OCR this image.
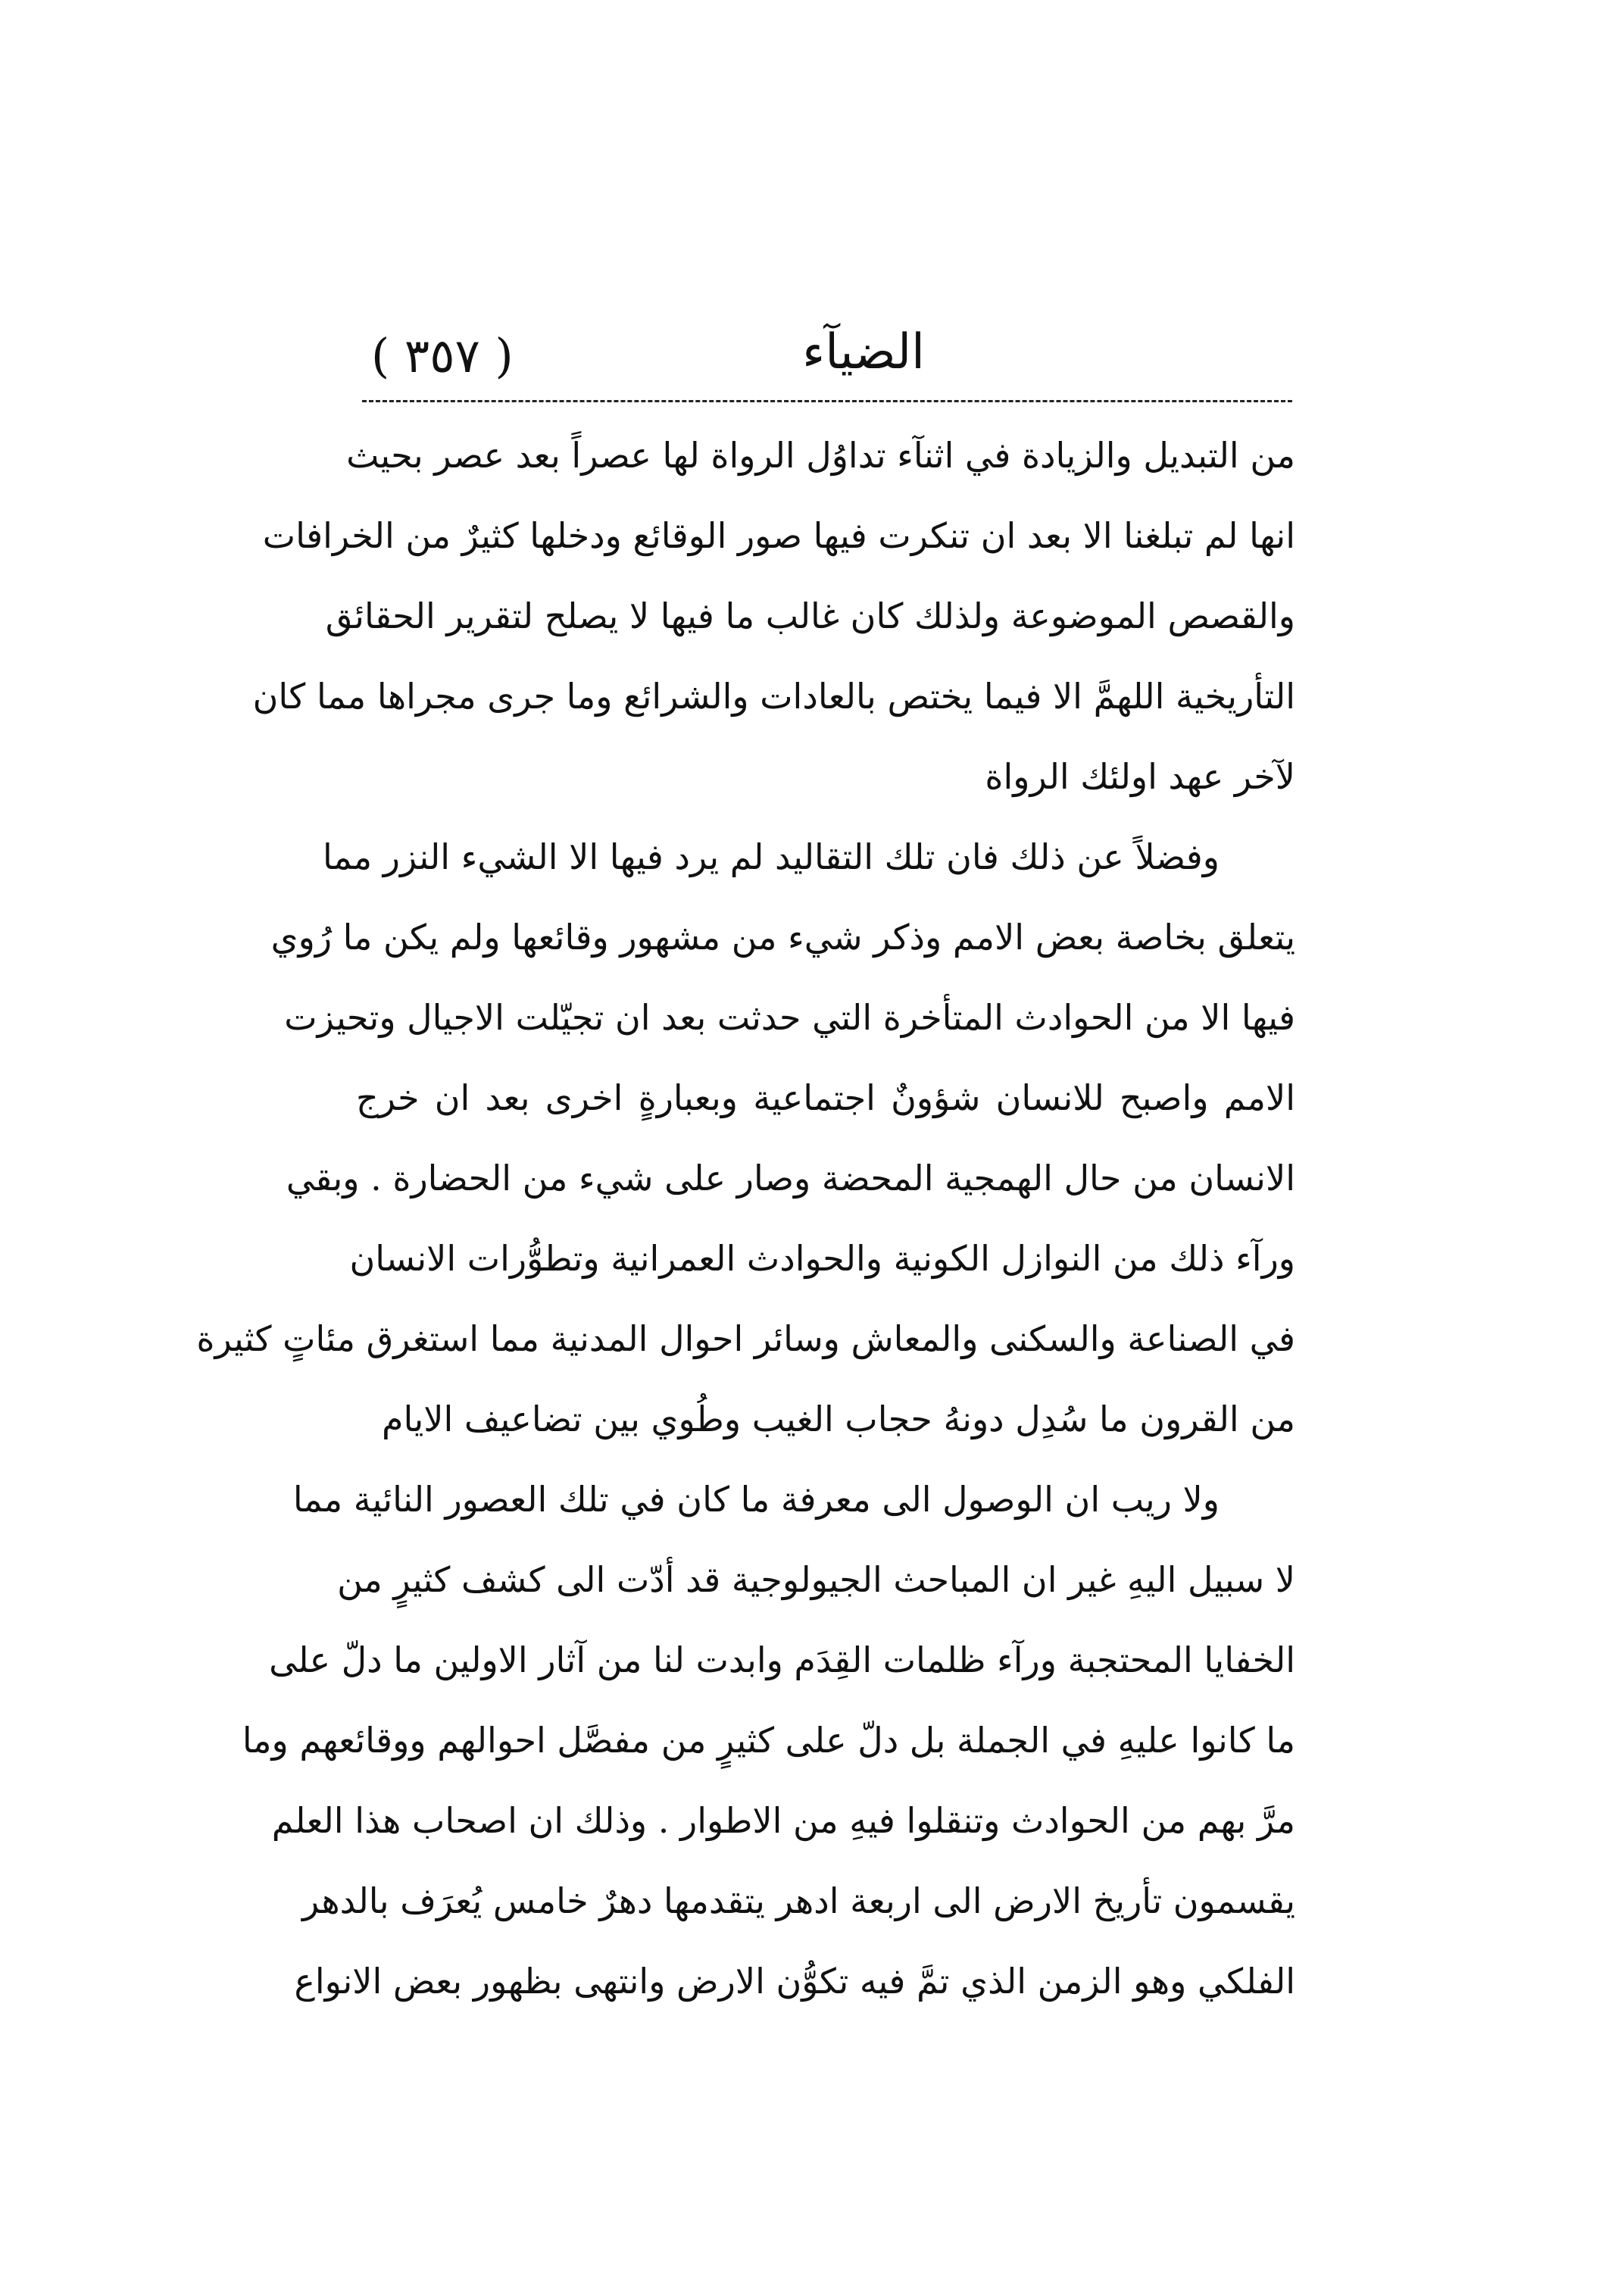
الضيآء
( ٣٥٧ )

من التبديل والزيادة في اثنآء تداوُل الرواة لها عصراً بعد عصر بحيث
انها لم تبلغنا الا بعد ان تنكرت فيها صور الوقائع ودخلها كثيرٌ من الخرافات
والقصص الموضوعة ولذلك كان غالب ما فيها لا يصلح لتقرير الحقائق
التأريخية اللهمَّ الا فيما يختص بالعادات والشرائع وما جرى مجراها مما كان
لآخر عهد اولئك الرواة

وفضلاً عن ذلك فان تلك التقاليد لم يرد فيها الا الشيء النزر مما
يتعلق بخاصة بعض الامم وذكر شيء من مشهور وقائعها ولم يكن ما رُوي
فيها الا من الحوادث المتأخرة التي حدثت بعد ان تجيّلت الاجيال وتحيزت
الامم واصبح للانسان شؤونٌ اجتماعية وبعبارةٍ اخرى بعد ان خرج
الانسان من حال الهمجية المحضة وصار على شيء من الحضارة . وبقي
ورآء ذلك من النوازل الكونية والحوادث العمرانية وتطوُّرات الانسان
في الصناعة والسكنى والمعاش وسائر احوال المدنية مما استغرق مئاتٍ كثيرة
من القرون ما سُدِل دونهُ حجاب الغيب وطُوي بين تضاعيف الايام

ولا ريب ان الوصول الى معرفة ما كان في تلك العصور النائية مما
لا سبيل اليهِ غير ان المباحث الجيولوجية قد أدّت الى كشف كثيرٍ من
الخفايا المحتجبة ورآء ظلمات القِدَم وابدت لنا من آثار الاولين ما دلّ على
ما كانوا عليهِ في الجملة بل دلّ على كثيرٍ من مفصَّل احوالهم ووقائعهم وما
مرَّ بهم من الحوادث وتنقلوا فيهِ من الاطوار . وذلك ان اصحاب هذا العلم
يقسمون تأريخ الارض الى اربعة ادهر يتقدمها دهرٌ خامس يُعرَف بالدهر
الفلكي وهو الزمن الذي تمَّ فيه تكوُّن الارض وانتهى بظهور بعض الانواع
